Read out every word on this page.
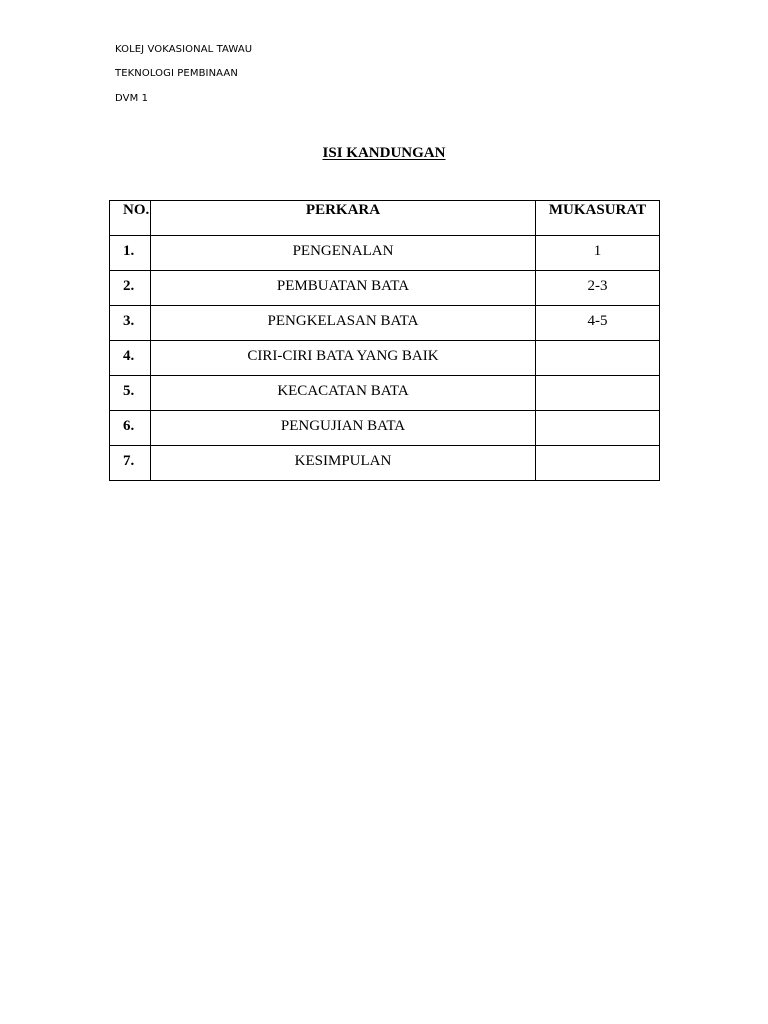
KOLEJ VOKASIONAL TAWAU
TEKNOLOGI PEMBINAAN
DVM 1
ISI KANDUNGAN
NO.	PERKARA	MUKASURAT
1.	PENGENALAN	1
2.	PEMBUATAN BATA	2-3
3.	PENGKELASAN BATA	4-5
4.	CIRI-CIRI BATA YANG BAIK	
5.	KECACATAN BATA	
6.	PENGUJIAN BATA	
7.	KESIMPULAN	
